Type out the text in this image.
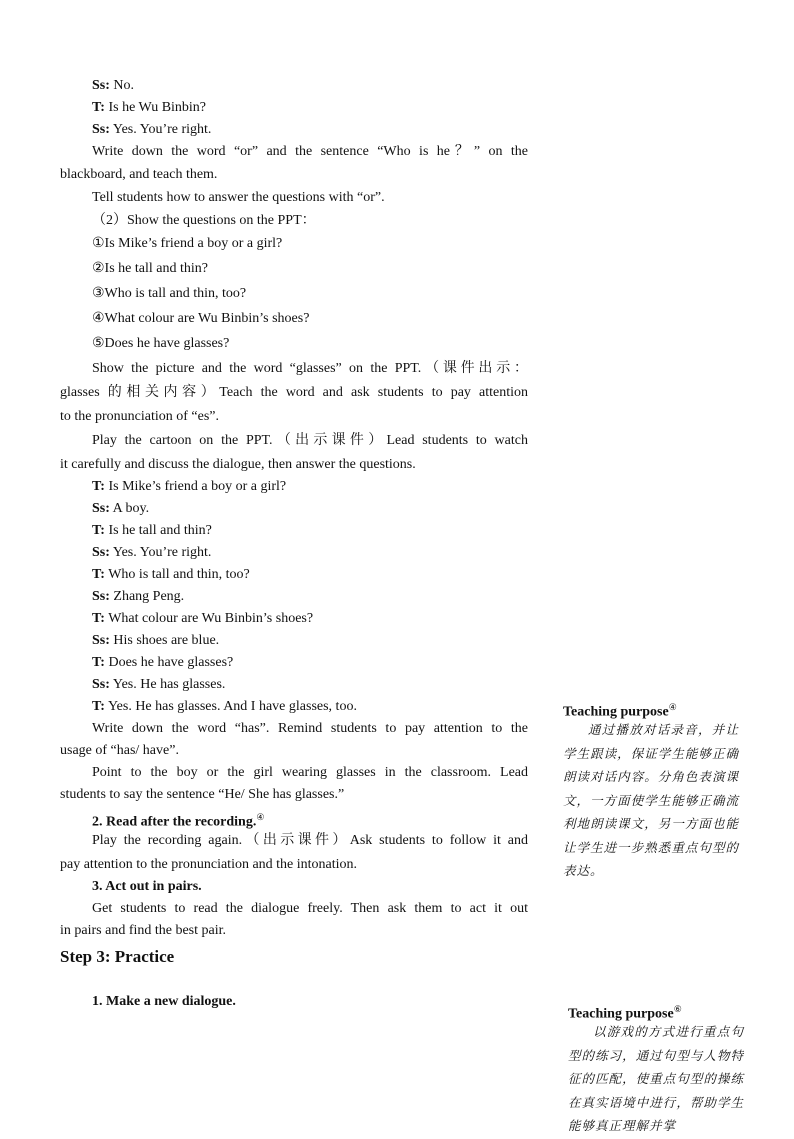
Ss: No.
T: Is he Wu Binbin?
Ss: Yes. You’re right.
Write down the word “or” and the sentence “Who is he？” on the
blackboard, and teach them.
Tell students how to answer the questions with “or”.
（2）Show the questions on the PPT：
①Is Mike’s friend a boy or a girl?
②Is he tall and thin?
③Who is tall and thin, too?
④What colour are Wu Binbin’s shoes?
⑤Does he have glasses?
Show the picture and the word “glasses” on the PPT.（课件出示：
glasses 的相关内容）Teach the word and ask students to pay attention
to the pronunciation of “es”.
Play the cartoon on the PPT.（出示课件）Lead students to watch
it carefully and discuss the dialogue, then answer the questions.
T: Is Mike’s friend a boy or a girl?
Ss: A boy.
T: Is he tall and thin?
Ss: Yes. You’re right.
T: Who is tall and thin, too?
Ss: Zhang Peng.
T: What colour are Wu Binbin’s shoes?
Ss: His shoes are blue.
T: Does he have glasses?
Ss: Yes. He has glasses.
T: Yes. He has glasses. And I have glasses, too.
Write down the word “has”. Remind students to pay attention to the
usage of “has/ have”.
Point to the boy or the girl wearing glasses in the classroom. Lead
students to say the sentence “He/ She has glasses.”
2. Read after the recording.④
Play the recording again.（出示课件）Ask students to follow it and
pay attention to the pronunciation and the intonation.
3. Act out in pairs.
Get students to read the dialogue freely. Then ask them to act it out
in pairs and find the best pair.
Step 3: Practice
1. Make a new dialogue.
Teaching purpose④
通过播放对话录音，并让学生跟读，保证学生能够正确朗读对话内容。分角色表演课文，一方面使学生能够正确流利地朗读课文，另一方面也能让学生进一步熟悉重点句型的表达。
Teaching purpose⑥
以游戏的方式进行重点句型的练习，通过句型与人物特征的匹配，使重点句型的操练在真实语境中进行，帮助学生能够真正理解并掌
